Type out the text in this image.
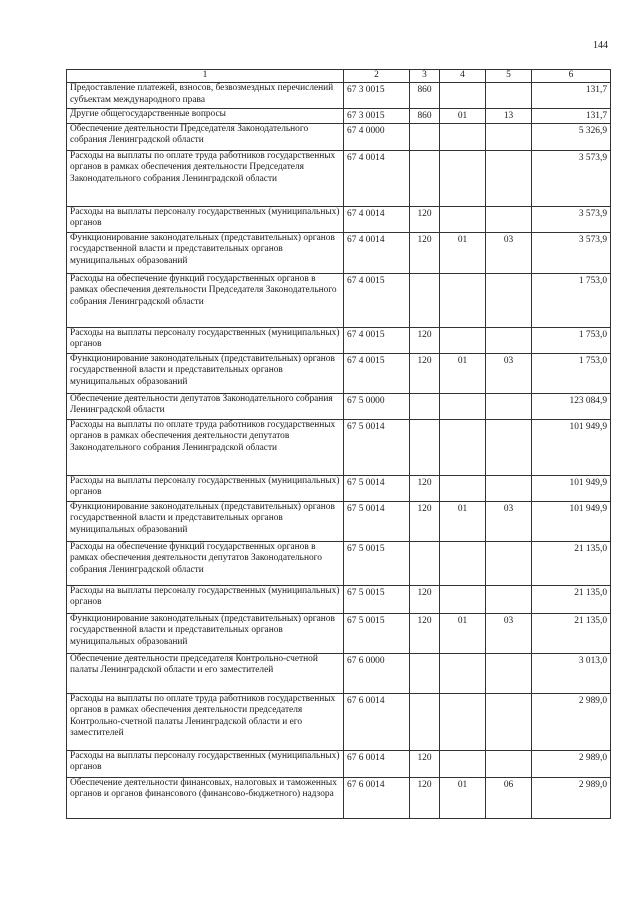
144
1	2	3	4	5	6
Предоставление платежей, взносов, безвозмездных перечислений субъектам международного права	67 3 0015	860			131,7

Другие общегосударственные вопросы	67 3 0015	860	01	13	131,7

Обеспечение деятельности Председателя Законодательного собрания Ленинградской области	67 4 0000				5 326,9

Расходы на выплаты по оплате труда работников государственных органов в рамках обеспечения деятельности Председателя Законодательного собрания Ленинградской области	67 4 0014				3 573,9

Расходы на выплаты персоналу государственных (муниципальных) органов	67 4 0014	120			3 573,9

Функционирование законодательных (представительных) органов государственной власти и представительных органов муниципальных образований	67 4 0014	120	01	03	3 573,9

Расходы на обеспечение функций государственных органов в рамках обеспечения деятельности Председателя Законодательного собрания Ленинградской области	67 4 0015				1 753,0

Расходы на выплаты персоналу государственных (муниципальных) органов	67 4 0015	120			1 753,0

Функционирование законодательных (представительных) органов государственной власти и представительных органов муниципальных образований	67 4 0015	120	01	03	1 753,0

Обеспечение деятельности депутатов Законодательного собрания Ленинградской области	67 5 0000				123 084,9

Расходы на выплаты по оплате труда работников государственных органов в рамках обеспечения деятельности депутатов Законодательного собрания Ленинградской области	67 5 0014				101 949,9

Расходы на выплаты персоналу государственных (муниципальных) органов	67 5 0014	120			101 949,9

Функционирование законодательных (представительных) органов государственной власти и представительных органов муниципальных образований	67 5 0014	120	01	03	101 949,9

Расходы на обеспечение функций государственных органов в рамках обеспечения деятельности депутатов Законодательного собрания Ленинградской области	67 5 0015				21 135,0

Расходы на выплаты персоналу государственных (муниципальных) органов	67 5 0015	120			21 135,0

Функционирование законодательных (представительных) органов государственной власти и представительных органов муниципальных образований	67 5 0015	120	01	03	21 135,0

Обеспечение деятельности председателя Контрольно-счетной палаты Ленинградской области и его заместителей	67 6 0000				3 013,0

Расходы на выплаты по оплате труда работников государственных органов в рамках обеспечения деятельности председателя Контрольно-счетной палаты Ленинградской области и его заместителей	67 6 0014				2 989,0

Расходы на выплаты персоналу государственных (муниципальных) органов	67 6 0014	120			2 989,0

Обеспечение деятельности финансовых, налоговых и таможенных органов и органов финансового (финансово-бюджетного) надзора	67 6 0014	120	01	06	2 989,0
